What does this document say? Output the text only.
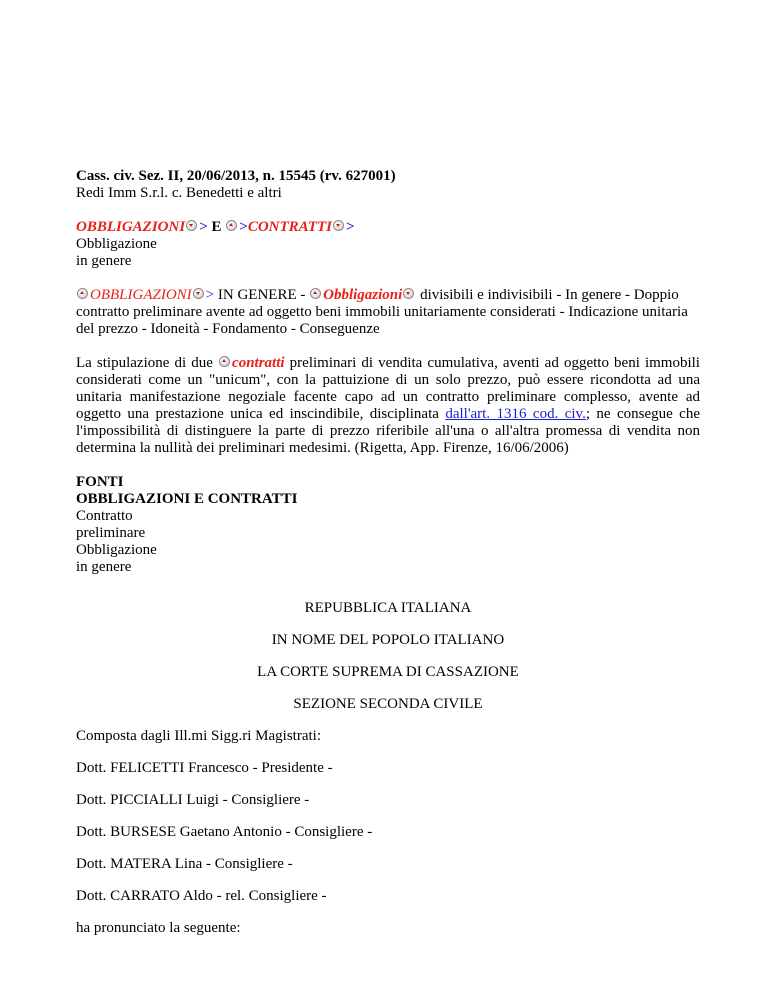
Cass. civ. Sez. II, 20/06/2013, n. 15545 (rv. 627001)
Redi Imm S.r.l. c. Benedetti e altri
OBBLIGAZIONI > E >CONTRATTI >
Obbligazione
in genere
OBBLIGAZIONI > IN GENERE - Obbligazioni divisibili e indivisibili - In genere - Doppio contratto preliminare avente ad oggetto beni immobili unitariamente considerati - Indicazione unitaria del prezzo - Idoneità - Fondamento - Conseguenze
La stipulazione di due contratti preliminari di vendita cumulativa, aventi ad oggetto beni immobili considerati come un "unicum", con la pattuizione di un solo prezzo, può essere ricondotta ad una unitaria manifestazione negoziale facente capo ad un contratto preliminare complesso, avente ad oggetto una prestazione unica ed inscindibile, disciplinata dall'art. 1316 cod. civ.; ne consegue che l'impossibilità di distinguere la parte di prezzo riferibile all'una o all'altra promessa di vendita non determina la nullità dei preliminari medesimi. (Rigetta, App. Firenze, 16/06/2006)
FONTI
OBBLIGAZIONI E CONTRATTI
Contratto
preliminare
Obbligazione
in genere
REPUBBLICA ITALIANA
IN NOME DEL POPOLO ITALIANO
LA CORTE SUPREMA DI CASSAZIONE
SEZIONE SECONDA CIVILE
Composta dagli Ill.mi Sigg.ri Magistrati:
Dott. FELICETTI Francesco - Presidente -
Dott. PICCIALLI Luigi - Consigliere -
Dott. BURSESE Gaetano Antonio - Consigliere -
Dott. MATERA Lina - Consigliere -
Dott. CARRATO Aldo - rel. Consigliere -
ha pronunciato la seguente:
